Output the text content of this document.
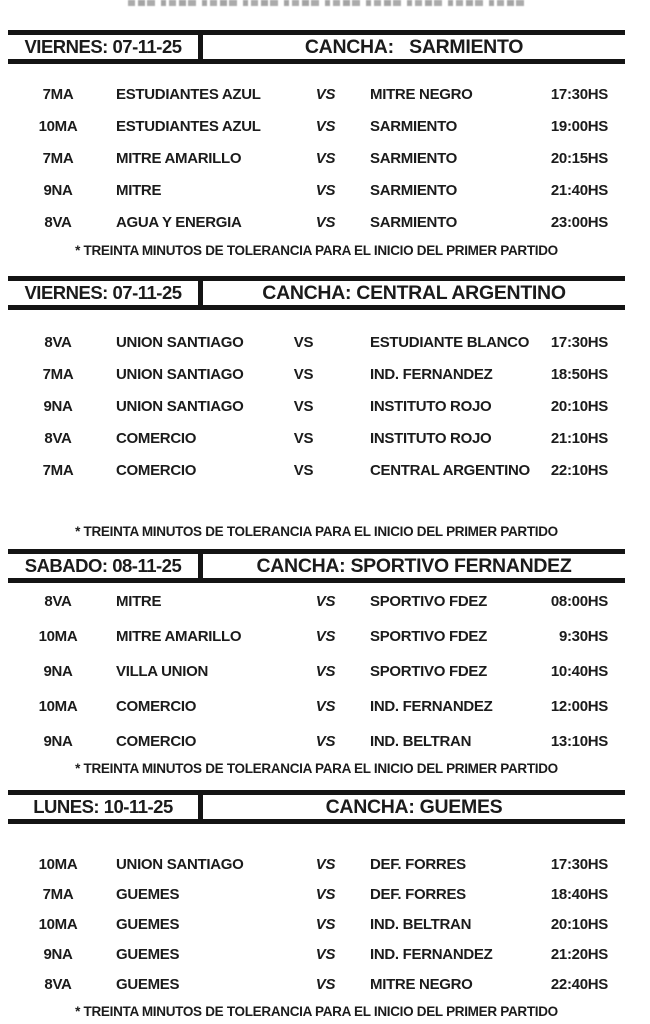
VIERNES: 07-11-25	CANCHA:   SARMIENTO
7MA	ESTUDIANTES AZUL	VS	MITRE NEGRO	17:30HS
10MA	ESTUDIANTES AZUL	VS	SARMIENTO	19:00HS
7MA	MITRE AMARILLO	VS	SARMIENTO	20:15HS
9NA	MITRE	VS	SARMIENTO	21:40HS
8VA	AGUA Y ENERGIA	VS	SARMIENTO	23:00HS
* TREINTA MINUTOS DE TOLERANCIA PARA EL INICIO DEL PRIMER PARTIDO
VIERNES: 07-11-25	CANCHA: CENTRAL ARGENTINO
8VA	UNION SANTIAGO	VS	ESTUDIANTE BLANCO	17:30HS
7MA	UNION SANTIAGO	VS	IND. FERNANDEZ	18:50HS
9NA	UNION SANTIAGO	VS	INSTITUTO ROJO	20:10HS
8VA	COMERCIO	VS	INSTITUTO ROJO	21:10HS
7MA	COMERCIO	VS	CENTRAL ARGENTINO	22:10HS
* TREINTA MINUTOS DE TOLERANCIA PARA EL INICIO DEL PRIMER PARTIDO
SABADO: 08-11-25	CANCHA: SPORTIVO FERNANDEZ
8VA	MITRE	VS	SPORTIVO FDEZ	08:00HS
10MA	MITRE AMARILLO	VS	SPORTIVO FDEZ	9:30HS
9NA	VILLA UNION	VS	SPORTIVO FDEZ	10:40HS
10MA	COMERCIO	VS	IND. FERNANDEZ	12:00HS
9NA	COMERCIO	VS	IND. BELTRAN	13:10HS
* TREINTA MINUTOS DE TOLERANCIA PARA EL INICIO DEL PRIMER PARTIDO
LUNES: 10-11-25	CANCHA: GUEMES
10MA	UNION SANTIAGO	VS	DEF. FORRES	17:30HS
7MA	GUEMES	VS	DEF. FORRES	18:40HS
10MA	GUEMES	VS	IND. BELTRAN	20:10HS
9NA	GUEMES	VS	IND. FERNANDEZ	21:20HS
8VA	GUEMES	VS	MITRE NEGRO	22:40HS
* TREINTA MINUTOS DE TOLERANCIA PARA EL INICIO DEL PRIMER PARTIDO
